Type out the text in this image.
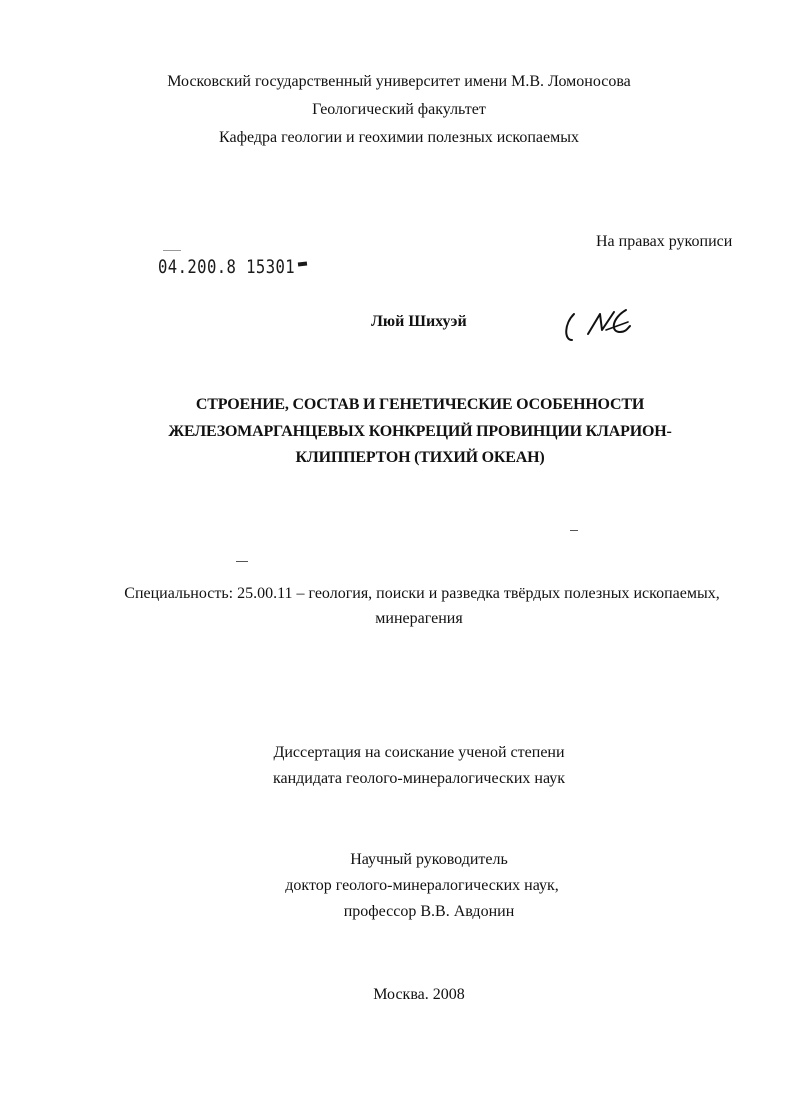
Московский государственный университет имени М.В. Ломоносова
Геологический факультет
Кафедра геологии и геохимии полезных ископаемых
На правах рукописи
04.200.8 15301
Люй Шихуэй
СТРОЕНИЕ, СОСТАВ И ГЕНЕТИЧЕСКИЕ ОСОБЕННОСТИ
ЖЕЛЕЗОМАРГАНЦЕВЫХ КОНКРЕЦИЙ ПРОВИНЦИИ КЛАРИОН-
КЛИППЕРТОН (ТИХИЙ ОКЕАН)
Специальность: 25.00.11 – геология, поиски и разведка твёрдых полезных ископаемых,
минерагения
Диссертация на соискание ученой степени
кандидата геолого-минералогических наук
Научный руководитель
доктор геолого-минералогических наук,
профессор В.В. Авдонин
Москва. 2008
